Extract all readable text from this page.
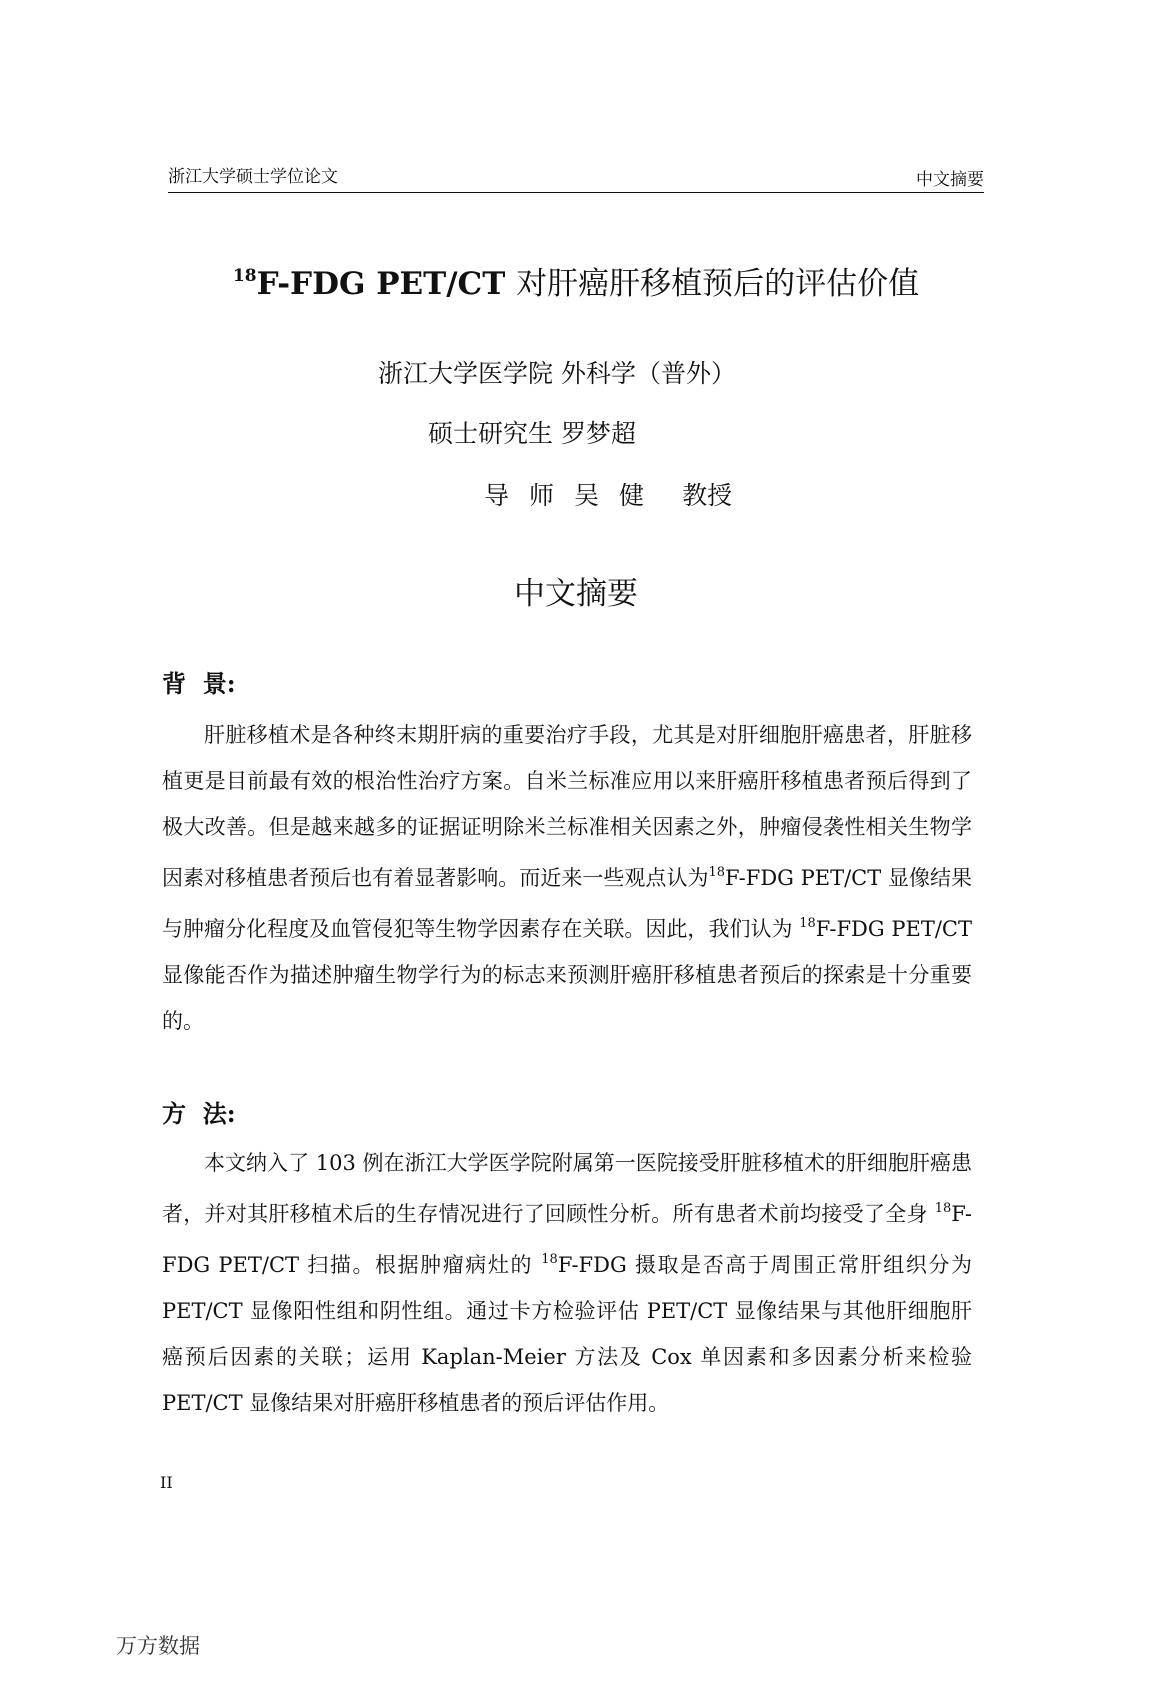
浙江大学硕士学位论文	中文摘要
$^{18}$F-FDG PET/CT 对肝癌肝移植预后的评估价值
浙江大学医学院 外科学（普外）
硕士研究生 罗梦超
导 师 吴 健 教授
中文摘要
背  景:

肝脏移植术是各种终末期肝病的重要治疗手段，尤其是对肝细胞肝癌患者，肝脏移植更是目前最有效的根治性治疗方案。自米兰标准应用以来肝癌肝移植患者预后得到了极大改善。但是越来越多的证据证明除米兰标准相关因素之外，肿瘤侵袭性相关生物学因素对移植患者预后也有着显著影响。而近来一些观点认为$^{18}$F-FDG PET/CT 显像结果与肿瘤分化程度及血管侵犯等生物学因素存在关联。因此，我们认为 $^{18}$F-FDG PET/CT 显像能否作为描述肿瘤生物学行为的标志来预测肝癌肝移植患者预后的探索是十分重要的。

方  法:

本文纳入了 103 例在浙江大学医学院附属第一医院接受肝脏移植术的肝细胞肝癌患者，并对其肝移植术后的生存情况进行了回顾性分析。所有患者术前均接受了全身 $^{18}$F-FDG PET/CT 扫描。根据肿瘤病灶的 $^{18}$F-FDG 摄取是否高于周围正常肝组织分为 PET/CT 显像阳性组和阴性组。通过卡方检验评估 PET/CT 显像结果与其他肝细胞肝癌预后因素的关联；运用 Kaplan-Meier 方法及 Cox 单因素和多因素分析来检验 PET/CT 显像结果对肝癌肝移植患者的预后评估作用。

II
万方数据
